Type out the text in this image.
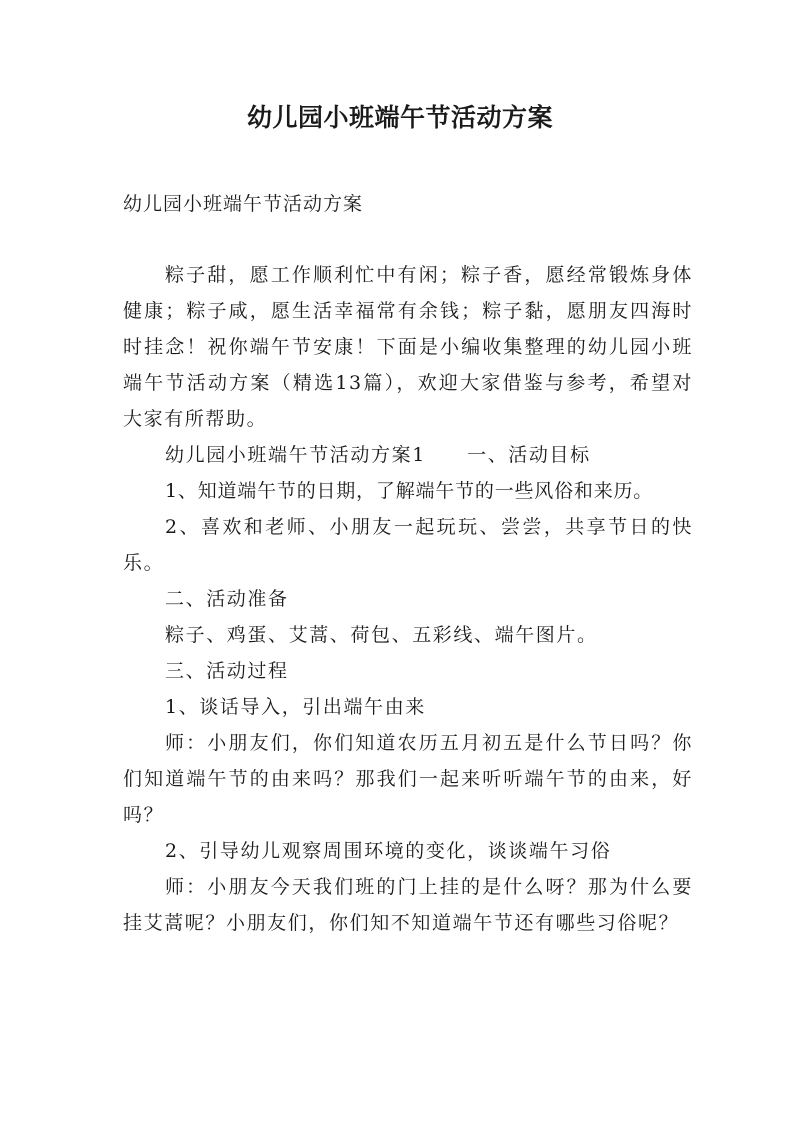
幼儿园小班端午节活动方案
幼儿园小班端午节活动方案

粽子甜，愿工作顺利忙中有闲；粽子香，愿经常锻炼身体健康；粽子咸，愿生活幸福常有余钱；粽子黏，愿朋友四海时时挂念！祝你端午节安康！下面是小编收集整理的幼儿园小班端午节活动方案（精选13篇），欢迎大家借鉴与参考，希望对大家有所帮助。

幼儿园小班端午节活动方案1　　一、活动目标

1、知道端午节的日期，了解端午节的一些风俗和来历。

2、喜欢和老师、小朋友一起玩玩、尝尝，共享节日的快乐。

二、活动准备

粽子、鸡蛋、艾蒿、荷包、五彩线、端午图片。

三、活动过程

1、谈话导入，引出端午由来

师：小朋友们，你们知道农历五月初五是什么节日吗？你们知道端午节的由来吗？那我们一起来听听端午节的由来，好吗？

2、引导幼儿观察周围环境的变化，谈谈端午习俗

师：小朋友今天我们班的门上挂的是什么呀？那为什么要挂艾蒿呢？小朋友们，你们知不知道端午节还有哪些习俗呢？
